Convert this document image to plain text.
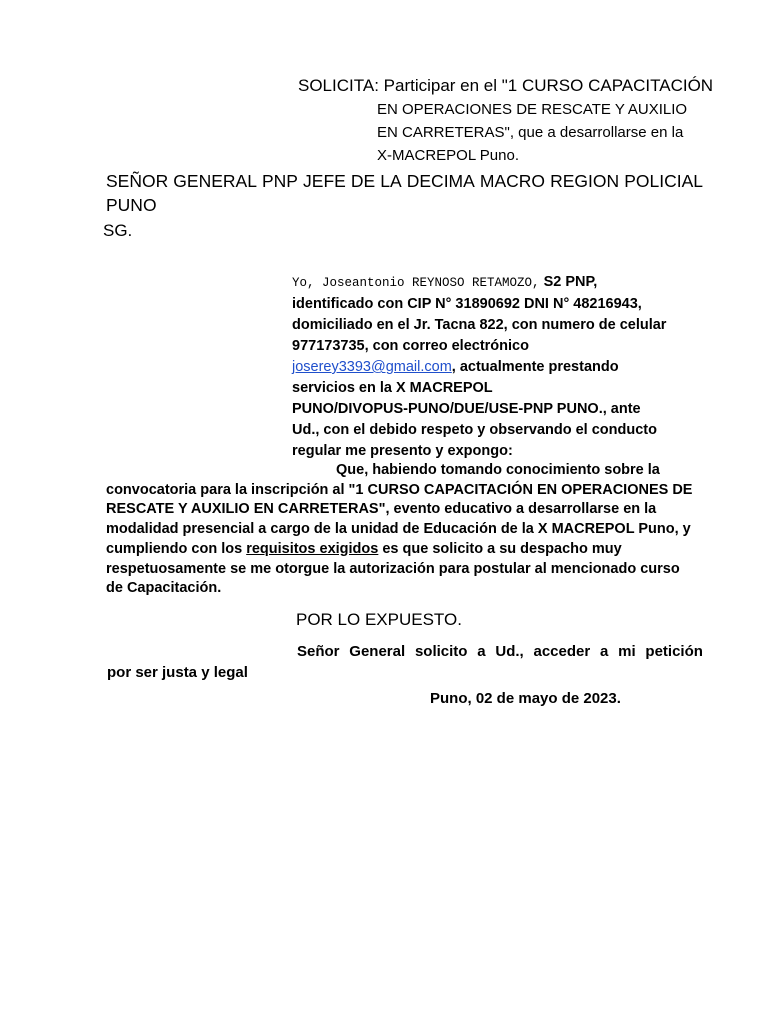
SOLICITA: Participar en el "1 CURSO CAPACITACIÓN
EN OPERACIONES DE RESCATE Y AUXILIO
EN CARRETERAS", que a desarrollarse en la
X-MACREPOL Puno.
SEÑOR GENERAL PNP JEFE DE LA DECIMA MACRO REGION POLICIAL
PUNO
SG.
Yo, Joseantonio REYNOSO RETAMOZO, S2 PNP,
identificado con CIP N° 31890692 DNI N° 48216943,
domiciliado en el Jr. Tacna 822, con numero de celular
977173735, con correo electrónico
joserey3393@gmail.com, actualmente prestando
servicios en la X MACREPOL
PUNO/DIVOPUS-PUNO/DUE/USE-PNP PUNO., ante
Ud., con el debido respeto y observando el conducto
regular me presento y expongo:
Que, habiendo tomando conocimiento sobre la
convocatoria para la inscripción al "1 CURSO CAPACITACIÓN EN OPERACIONES DE
RESCATE Y AUXILIO EN CARRETERAS", evento educativo a desarrollarse en la
modalidad presencial a cargo de la unidad de Educación de la X MACREPOL Puno, y
cumpliendo con los requisitos exigidos es que solicito a su despacho muy
respetuosamente se me otorgue la autorización para postular al mencionado curso
de Capacitación.
POR LO EXPUESTO.
Señor General solicito a Ud., acceder a mi petición
por ser justa y legal
Puno, 02 de mayo de 2023.
